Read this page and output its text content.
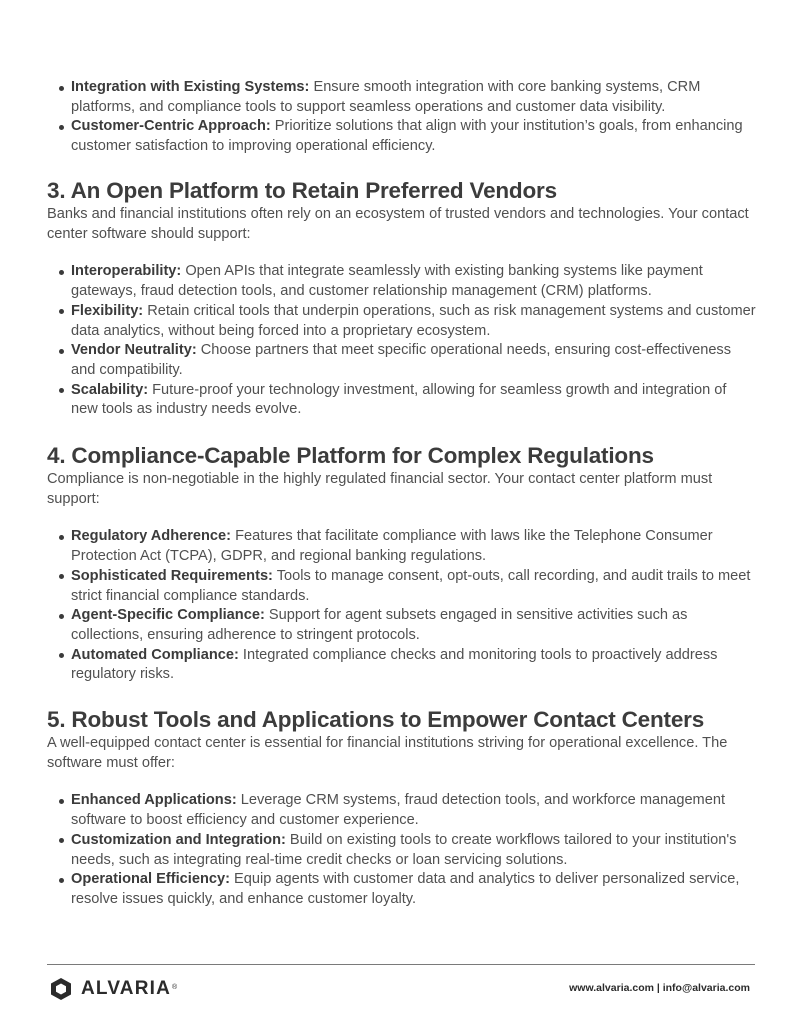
Integration with Existing Systems: Ensure smooth integration with core banking systems, CRM platforms, and compliance tools to support seamless operations and customer data visibility.
Customer-Centric Approach: Prioritize solutions that align with your institution’s goals, from enhancing customer satisfaction to improving operational efficiency.
3. An Open Platform to Retain Preferred Vendors

Banks and financial institutions often rely on an ecosystem of trusted vendors and technologies. Your contact center software should support:

Interoperability: Open APIs that integrate seamlessly with existing banking systems like payment gateways, fraud detection tools, and customer relationship management (CRM) platforms.
Flexibility: Retain critical tools that underpin operations, such as risk management systems and customer data analytics, without being forced into a proprietary ecosystem.
Vendor Neutrality: Choose partners that meet specific operational needs, ensuring cost-effectiveness and compatibility.
Scalability: Future-proof your technology investment, allowing for seamless growth and integration of new tools as industry needs evolve.
4. Compliance-Capable Platform for Complex Regulations

Compliance is non-negotiable in the highly regulated financial sector. Your contact center platform must support:

Regulatory Adherence: Features that facilitate compliance with laws like the Telephone Consumer Protection Act (TCPA), GDPR, and regional banking regulations.
Sophisticated Requirements: Tools to manage consent, opt-outs, call recording, and audit trails to meet strict financial compliance standards.
Agent-Specific Compliance: Support for agent subsets engaged in sensitive activities such as collections, ensuring adherence to stringent protocols.
Automated Compliance: Integrated compliance checks and monitoring tools to proactively address regulatory risks.
5. Robust Tools and Applications to Empower Contact Centers

A well-equipped contact center is essential for financial institutions striving for operational excellence. The software must offer:

Enhanced Applications: Leverage CRM systems, fraud detection tools, and workforce management software to boost efficiency and customer experience.
Customization and Integration: Build on existing tools to create workflows tailored to your institution's needs, such as integrating real-time credit checks or loan servicing solutions.
Operational Efficiency: Equip agents with customer data and analytics to deliver personalized service, resolve issues quickly, and enhance customer loyalty.
ALVARIA ®	www.alvaria.com | info@alvaria.com
